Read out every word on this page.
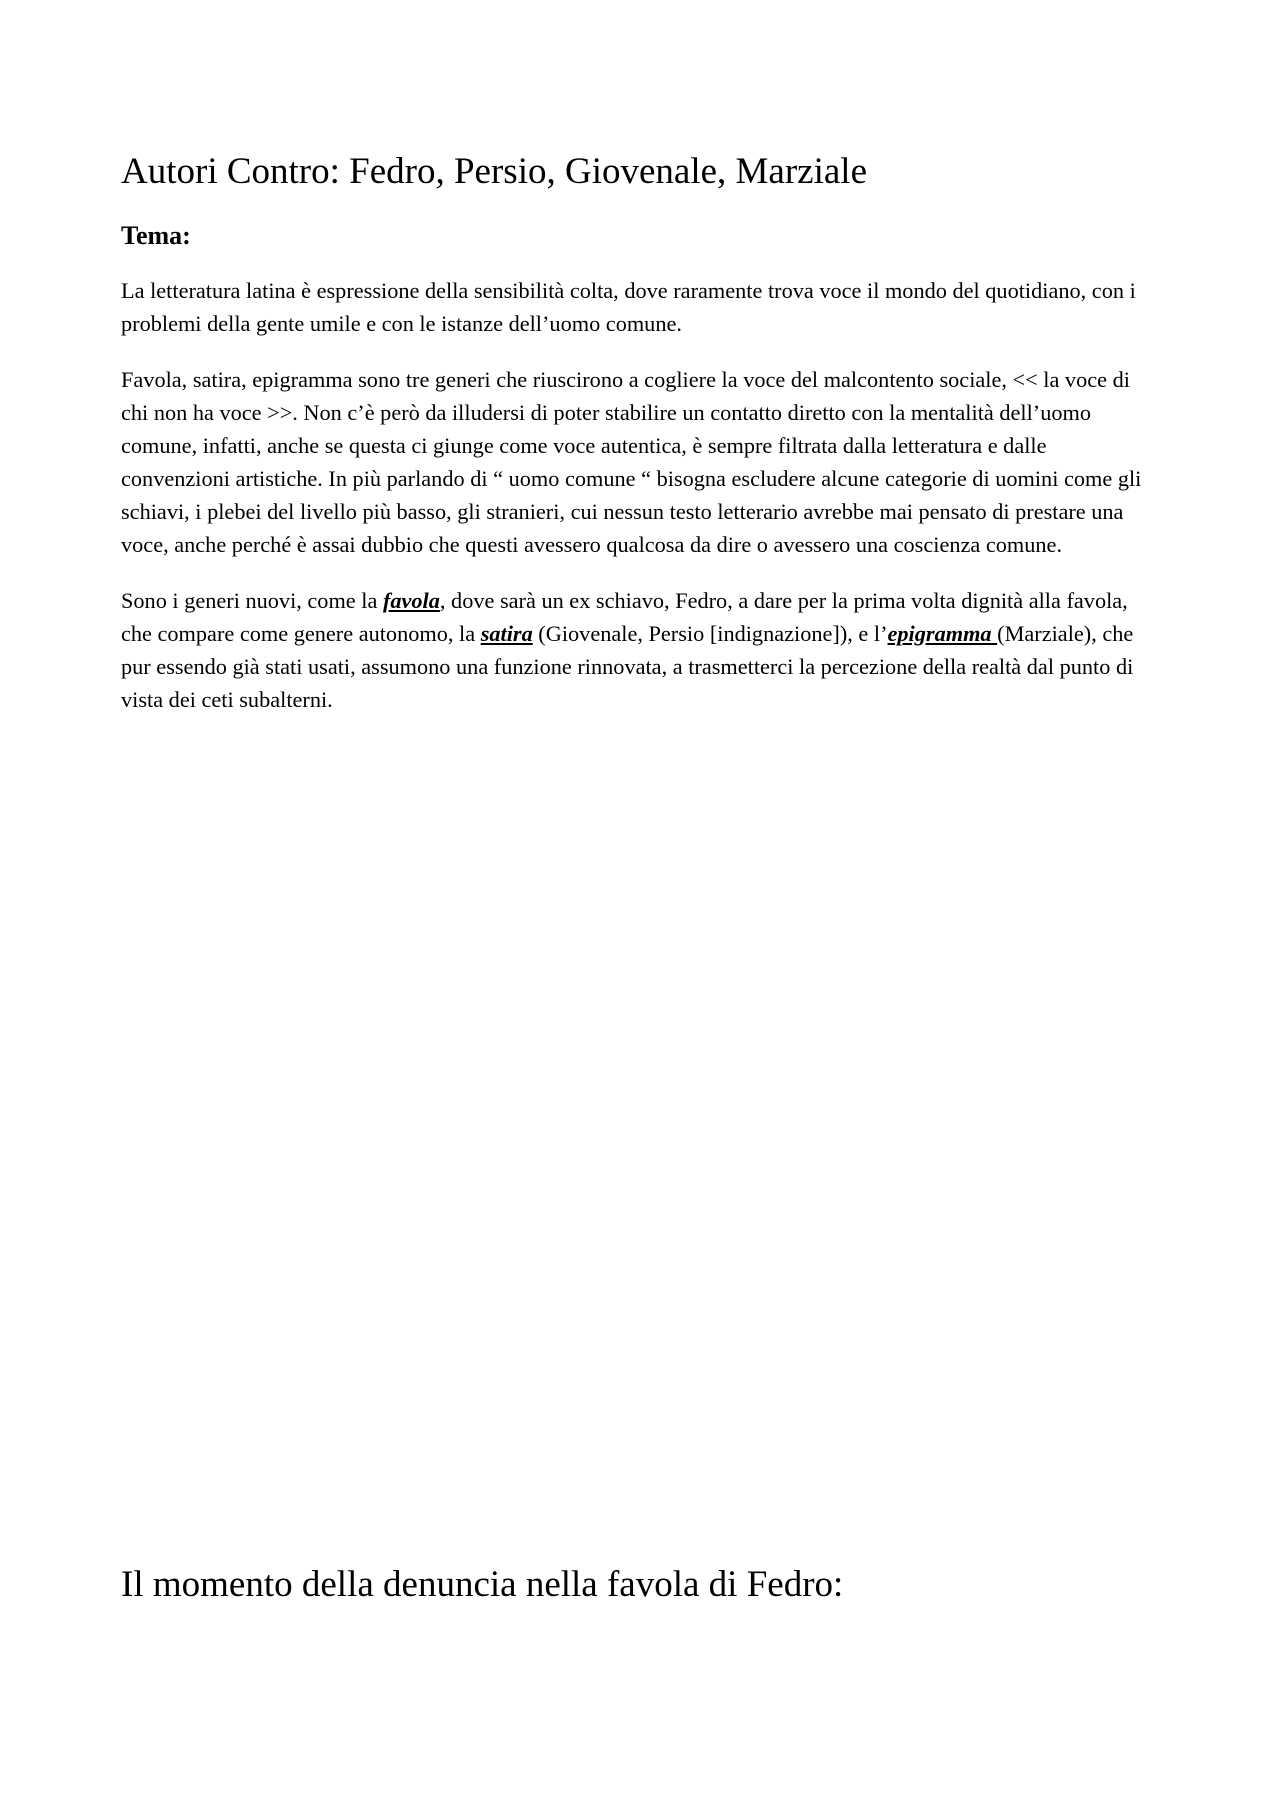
Autori Contro: Fedro, Persio, Giovenale, Marziale
Tema:

La letteratura latina è espressione della sensibilità colta, dove raramente trova voce il mondo del quotidiano, con i problemi della gente umile e con le istanze dell’uomo comune.

Favola, satira, epigramma sono tre generi che riuscirono a cogliere la voce del malcontento sociale, << la voce di chi non ha voce >>. Non c’è però da illudersi di poter stabilire un contatto diretto con la mentalità dell’uomo comune, infatti, anche se questa ci giunge come voce autentica, è sempre filtrata dalla letteratura e dalle convenzioni artistiche. In più parlando di “ uomo comune “ bisogna escludere alcune categorie di uomini come gli schiavi, i plebei del livello più basso, gli stranieri, cui nessun testo letterario avrebbe mai pensato di prestare una voce, anche perché è assai dubbio che questi avessero qualcosa da dire o avessero una coscienza comune.

Sono i generi nuovi, come la favola, dove sarà un ex schiavo, Fedro, a dare per la prima volta dignità alla favola, che compare come genere autonomo, la satira (Giovenale, Persio [indignazione]), e l’epigramma (Marziale), che pur essendo già stati usati, assumono una funzione rinnovata, a trasmetterci la percezione della realtà dal punto di vista dei ceti subalterni.

Il momento della denuncia nella favola di Fedro:
